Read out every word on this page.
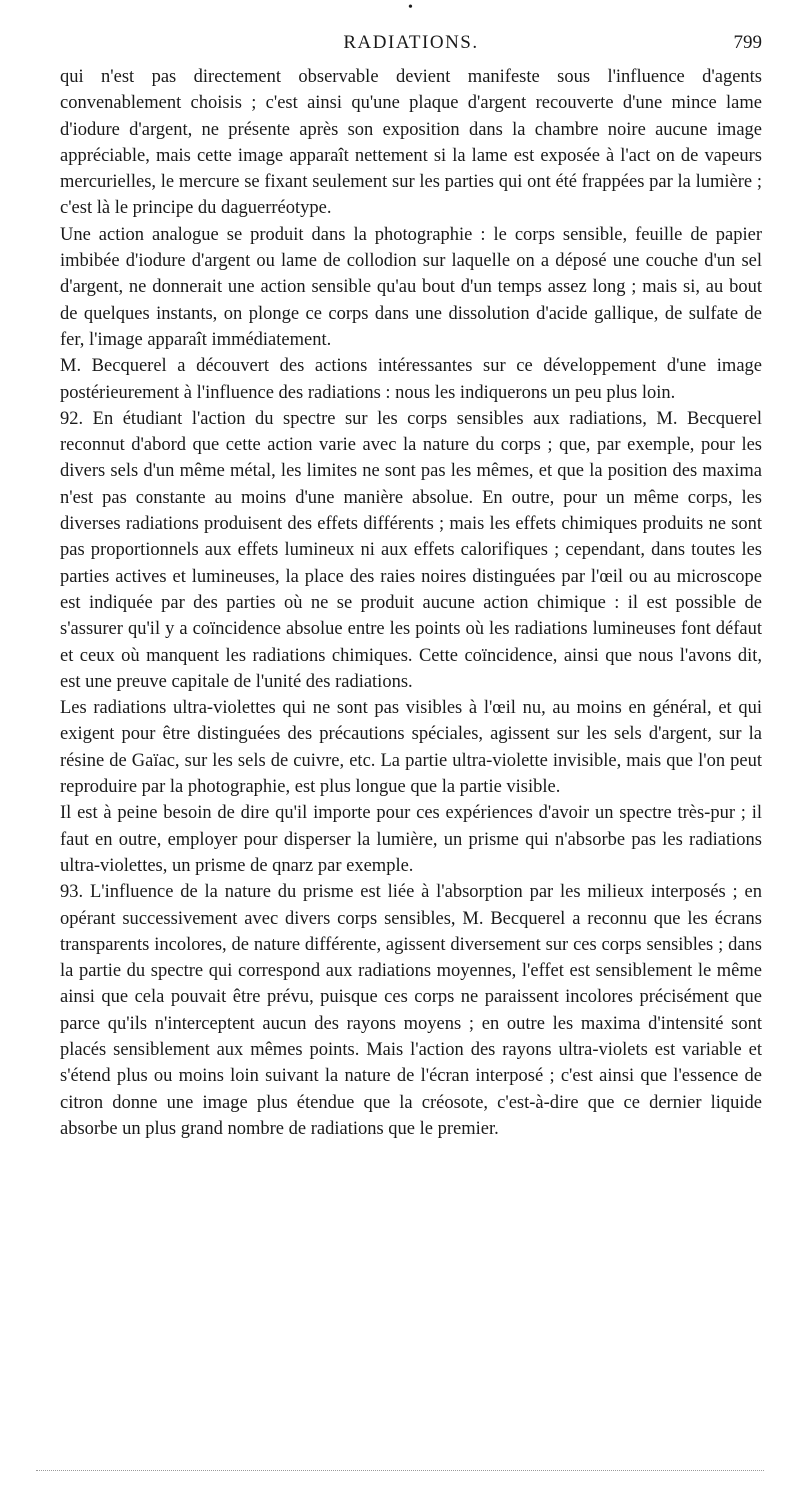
•
RADIATIONS.	799

qui n'est pas directement observable devient manifeste sous l'influence d'agents convenablement choisis ; c'est ainsi qu'une plaque d'argent recouverte d'une mince lame d'iodure d'argent, ne présente après son exposition dans la chambre noire aucune image appréciable, mais cette image apparaît nettement si la lame est exposée à l'act on de vapeurs mercurielles, le mercure se fixant seulement sur les parties qui ont été frappées par la lumière ; c'est là le principe du daguerréotype.

Une action analogue se produit dans la photographie : le corps sensible, feuille de papier imbibée d'iodure d'argent ou lame de collodion sur laquelle on a déposé une couche d'un sel d'argent, ne donnerait une action sensible qu'au bout d'un temps assez long ; mais si, au bout de quelques instants, on plonge ce corps dans une dissolution d'acide gallique, de sulfate de fer, l'image apparaît immédiatement.

M. Becquerel a découvert des actions intéressantes sur ce développement d'une image postérieurement à l'influence des radiations : nous les indiquerons un peu plus loin.

92. En étudiant l'action du spectre sur les corps sensibles aux radiations, M. Becquerel reconnut d'abord que cette action varie avec la nature du corps ; que, par exemple, pour les divers sels d'un même métal, les limites ne sont pas les mêmes, et que la position des maxima n'est pas constante au moins d'une manière absolue. En outre, pour un même corps, les diverses radiations produisent des effets différents ; mais les effets chimiques produits ne sont pas proportionnels aux effets lumineux ni aux effets calorifiques ; cependant, dans toutes les parties actives et lumineuses, la place des raies noires distinguées par l'œil ou au microscope est indiquée par des parties où ne se produit aucune action chimique : il est possible de s'assurer qu'il y a coïncidence absolue entre les points où les radiations lumineuses font défaut et ceux où manquent les radiations chimiques. Cette coïncidence, ainsi que nous l'avons dit, est une preuve capitale de l'unité des radiations.

Les radiations ultra-violettes qui ne sont pas visibles à l'œil nu, au moins en général, et qui exigent pour être distinguées des précautions spéciales, agissent sur les sels d'argent, sur la résine de Gaïac, sur les sels de cuivre, etc. La partie ultra-violette invisible, mais que l'on peut reproduire par la photographie, est plus longue que la partie visible.

Il est à peine besoin de dire qu'il importe pour ces expériences d'avoir un spectre très-pur ; il faut en outre, employer pour disperser la lumière, un prisme qui n'absorbe pas les radiations ultra-violettes, un prisme de qnarz par exemple.

93. L'influence de la nature du prisme est liée à l'absorption par les milieux interposés ; en opérant successivement avec divers corps sensibles, M. Becquerel a reconnu que les écrans transparents incolores, de nature différente, agissent diversement sur ces corps sensibles ; dans la partie du spectre qui correspond aux radiations moyennes, l'effet est sensiblement le même ainsi que cela pouvait être prévu, puisque ces corps ne paraissent incolores précisément que parce qu'ils n'interceptent aucun des rayons moyens ; en outre les maxima d'intensité sont placés sensiblement aux mêmes points. Mais l'action des rayons ultra-violets est variable et s'étend plus ou moins loin suivant la nature de l'écran interposé ; c'est ainsi que l'essence de citron donne une image plus étendue que la créosote, c'est-à-dire que ce dernier liquide absorbe un plus grand nombre de radiations que le premier.
